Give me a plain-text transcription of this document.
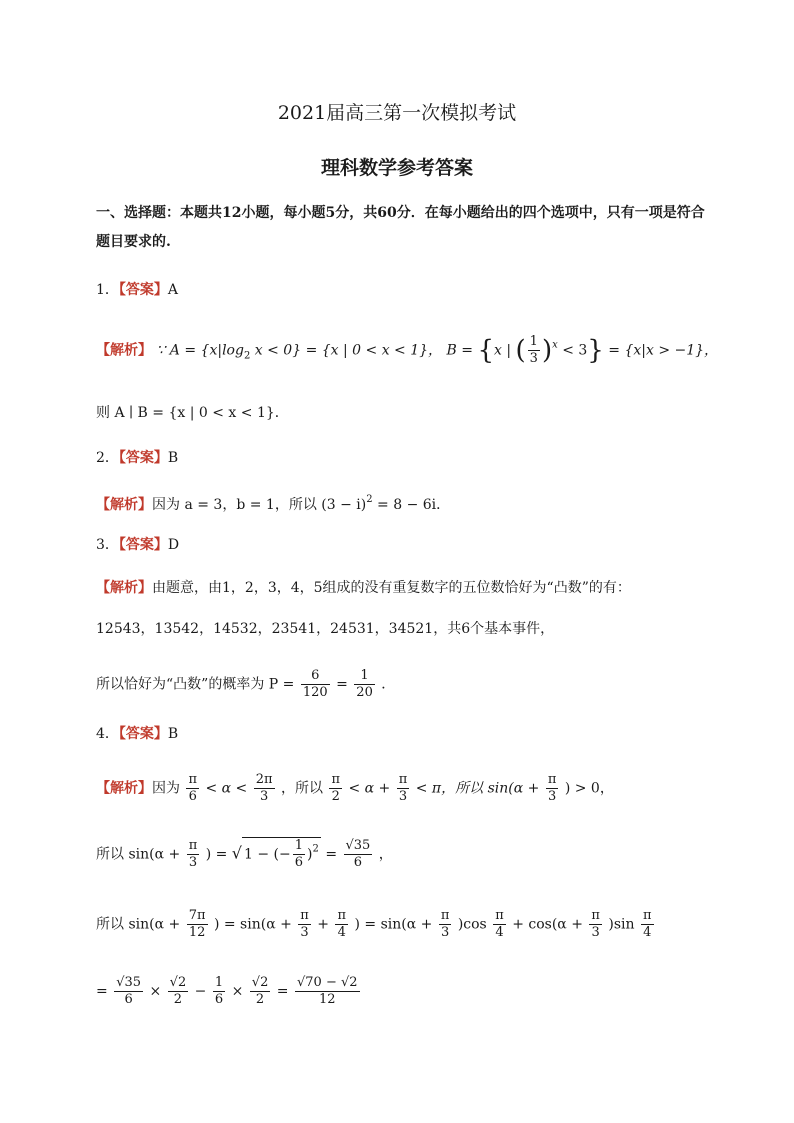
2021届高三第一次模拟考试
理科数学参考答案
一、选择题：本题共12小题，每小题5分，共60分．在每小题给出的四个选项中，只有一项是符合
题目要求的.
1．【答案】A
【解析】 ∵ $A = \{x|\log_2$ x < 0} = {x | 0 < x < 1}， B = {x | ( $\frac{1}{3} )^x < 3\} = \{x|x > -1\}$，
则 A ∣ B = {x | 0 < x < 1}．
2．【答案】B
【解析】因为 a = 3，b = 1，所以 $(3 - i)^2 = 8 - 6i$．
3．【答案】D
【解析】由题意，由1，2，3，4，5组成的没有重复数字的五位数恰好为“凸数”的有：
12543，13542，14532，23541，24531，34521，共6个基本事件，
所以恰好为“凸数”的概率为 $P = \frac{6}{120} = \frac{1}{20}$ ．
4．【答案】B
【解析】因为 $\frac{\pi}{6} < \alpha < \frac{2\pi}{3}$ ，所以 $\frac{\pi}{2} < \alpha + \frac{\pi}{3} < \pi$，所以 $\sin(\alpha + \frac{\pi}{3}$ ) > 0，
所以 $\sin(\alpha + \frac{\pi}{3}$ ) = √ 1 − (− $\frac{1}{6} )^2 = \frac{√35}{6}$ ，
所以 $\sin(\alpha + \frac{7\pi}{12}$ ) = $\sin(\alpha + \frac{\pi}{3} + \frac{\pi}{4}$ ) = $\sin(\alpha + \frac{\pi}{3} )\cos \frac{\pi}{4} + \cos(\alpha + \frac{\pi}{3} )\sin \frac{\pi}{4}$
= $\frac{√35}{6} \times \frac{√2}{2} - \frac{1}{6} \times \frac{√2}{2} = \frac{√70 - √2}{12}$
